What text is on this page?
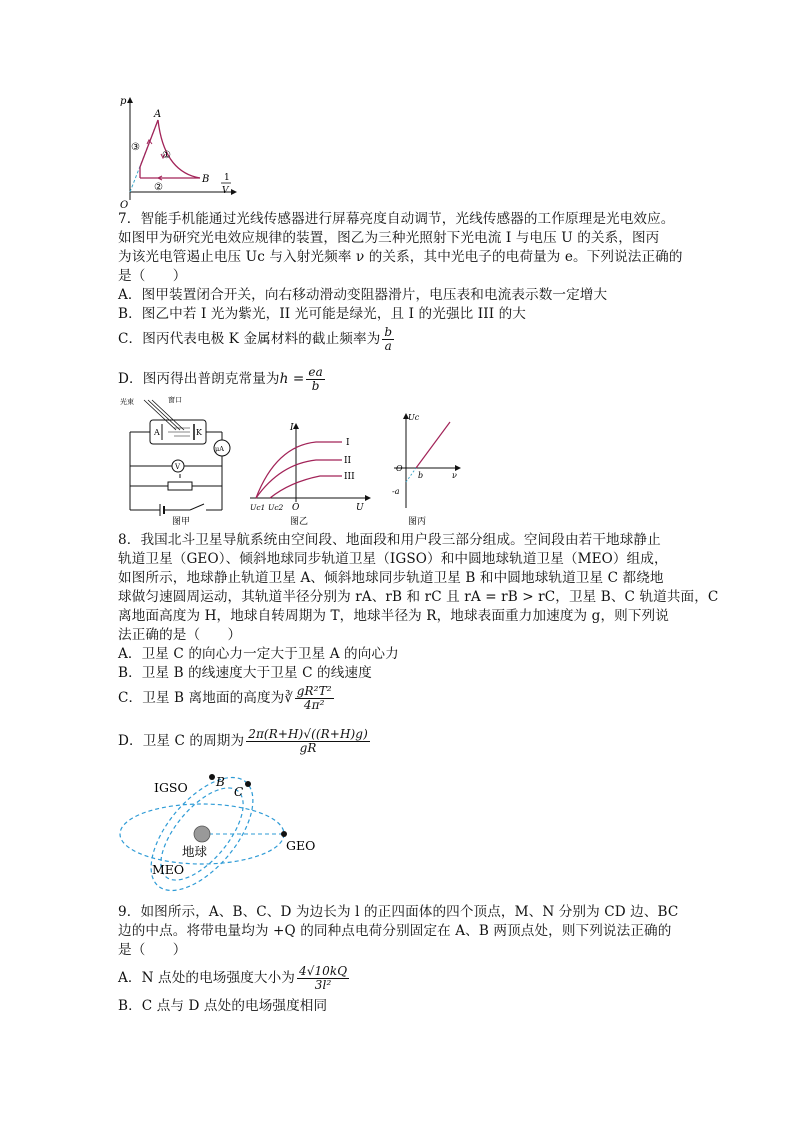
p
O
1
V
A
B
①
②
③
7．智能手机能通过光线传感器进行屏幕亮度自动调节，光线传感器的工作原理是光电效应。
如图甲为研究光电效应规律的装置，图乙为三种光照射下光电流 I 与电压 U 的关系，图丙
为该光电管遏止电压 Uc 与入射光频率 ν 的关系，其中光电子的电荷量为 e。下列说法正确的
是（　　）
A．图甲装置闭合开关，向右移动滑动变阻器滑片，电压表和电流表示数一定增大
B．图乙中若 I 光为紫光，II 光可能是绿光，且 I 的光强比 III 的大
C．图丙代表电极 K 金属材料的截止频率为 $\frac{b}{a}$
D．图丙得出普朗克常量为$h = \frac{ea}{b}$
光束	窗口
A	K
μA
V
图甲
I
U
O
I
II
III
Uc1 Uc2
图乙
Uc
ν
O
b
-a
图丙
8．我国北斗卫星导航系统由空间段、地面段和用户段三部分组成。空间段由若干地球静止
轨道卫星（GEO）、倾斜地球同步轨道卫星（IGSO）和中圆地球轨道卫星（MEO）组成，
如图所示，地球静止轨道卫星 A、倾斜地球同步轨道卫星 B 和中圆地球轨道卫星 C 都绕地
球做匀速圆周运动，其轨道半径分别为 rA、rB 和 rC 且 rA = rB > rC，卫星 B、C 轨道共面，C
离地面高度为 H，地球自转周期为 T，地球半径为 R，地球表面重力加速度为 g，则下列说
法正确的是（　　）
A．卫星 C 的向心力一定大于卫星 A 的向心力
B．卫星 B 的线速度大于卫星 C 的线速度
C．卫星 B 离地面的高度为∛ $\frac{\text{gR²T²}}{\text{4π²}}$
D．卫星 C 的周期为 $\frac{2\pi(R+H)√((R+H)g)}{gR}$
IGSO B
C
GEO
地球
MEO
9．如图所示，A、B、C、D 为边长为 l 的正四面体的四个顶点，M、N 分别为 CD 边、BC
边的中点。将带电量均为 +Q 的同种点电荷分别固定在 A、B 两顶点处，则下列说法正确的
是（　　）
A．N 点处的电场强度大小为 $\frac{4√10kQ}{\text{3l²}}$
B．C 点与 D 点处的电场强度相同
